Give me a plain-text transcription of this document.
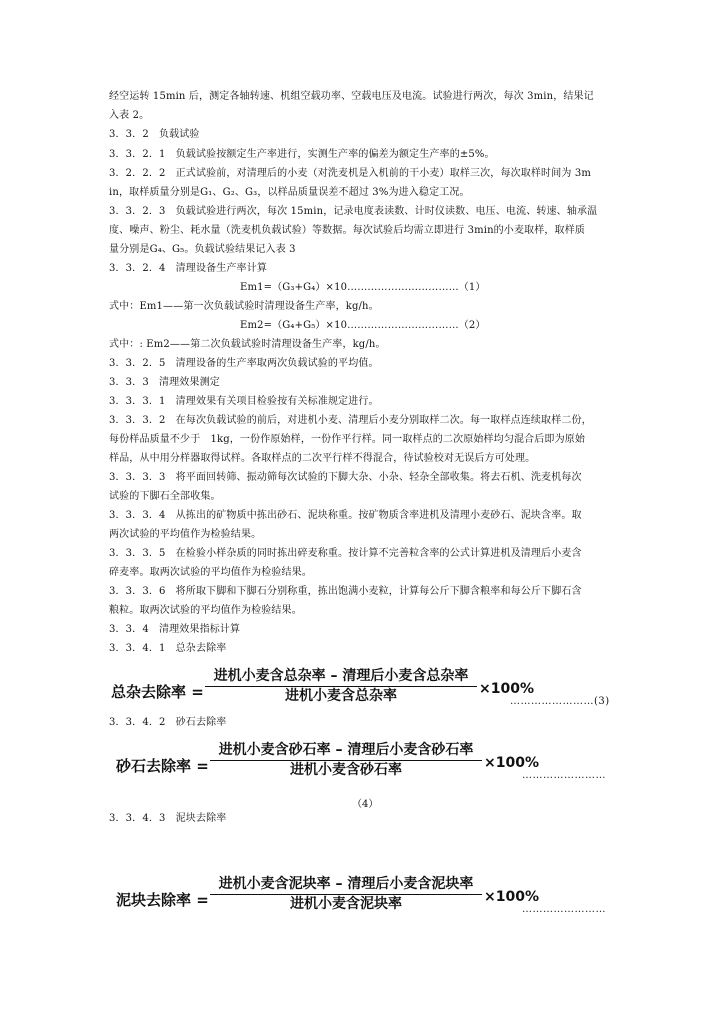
经空运转 15min 后，测定各轴转速、机组空载功率、空载电压及电流。试验进行两次，每次 3min，结果记
入表 2。
3．3．2　负载试验
3．3．2．1　负载试验按额定生产率进行，实测生产率的偏差为额定生产率的±5%。
3．2．2．2　正式试验前，对清理后的小麦（对洗麦机是入机前的干小麦）取样三次，每次取样时间为 3m
in，取样质量分别是G₁、G₂、G₃，以样品质量误差不超过 3%为进入稳定工况。
3．3．2．3　负载试验进行两次，每次 15min，记录电度表读数、计时仪读数、电压、电流、转速、轴承温
度、噪声、粉尘、耗水量（洗麦机负载试验）等数据。每次试验后均需立即进行 3min的小麦取样，取样质
量分别是G₄、G₅。负载试验结果记入表 3
3．3．2．4　清理设备生产率计算
Em1=（G₃+G₄）×10……………………………（1）
式中：Em1——第一次负载试验时清理设备生产率，kg/h。
Em2=（G₄+G₅）×10……………………………（2）
式中：: Em2——第二次负载试验时清理设备生产率，kg/h。
3．3．2．5　清理设备的生产率取两次负载试验的平均值。
3．3．3　清理效果测定
3．3．3．1　清理效果有关项目检验按有关标准规定进行。
3．3．3．2　在每次负载试验的前后，对进机小麦、清理后小麦分别取样二次。每一取样点连续取样二份，
每份样品质量不少于　1kg，一份作原始样，一份作平行样。同一取样点的二次原始样均匀混合后即为原始
样品，从中用分样器取得试样。各取样点的二次平行样不得混合，待试验校对无误后方可处理。
3．3．3．3　将平面回转筛、振动筛每次试验的下脚大杂、小杂、轻杂全部收集。将去石机、洗麦机每次
试验的下脚石全部收集。
3．3．3．4　从拣出的矿物质中拣出砂石、泥块称重。按矿物质含率进机及清理小麦砂石、泥块含率。取
两次试验的平均值作为检验结果。
3．3．3．5　在检验小样杂质的同时拣出碎麦称重。按计算不完善粒含率的公式计算进机及清理后小麦含
碎麦率。取两次试验的平均值作为检验结果。
3．3．3．6　将所取下脚和下脚石分别称重，拣出饱满小麦粒，计算每公斤下脚含粮率和每公斤下脚石含
粮粒。取两次试验的平均值作为检验结果。
3．3．4　清理效果指标计算
3．3．4．1　总杂去除率
总杂去除率 =
进机小麦含总杂率 – 清理后小麦含总杂率
进机小麦含总杂率	×100%
……………………(3)
3．3．4．2　砂石去除率
砂石去除率 =
进机小麦含砂石率 – 清理后小麦含砂石率
进机小麦含砂石率	×100%
……………………
（4）
3．3．4．3　泥块去除率
泥块去除率 =
进机小麦含泥块率 – 清理后小麦含泥块率
进机小麦含泥块率	×100%
……………………
